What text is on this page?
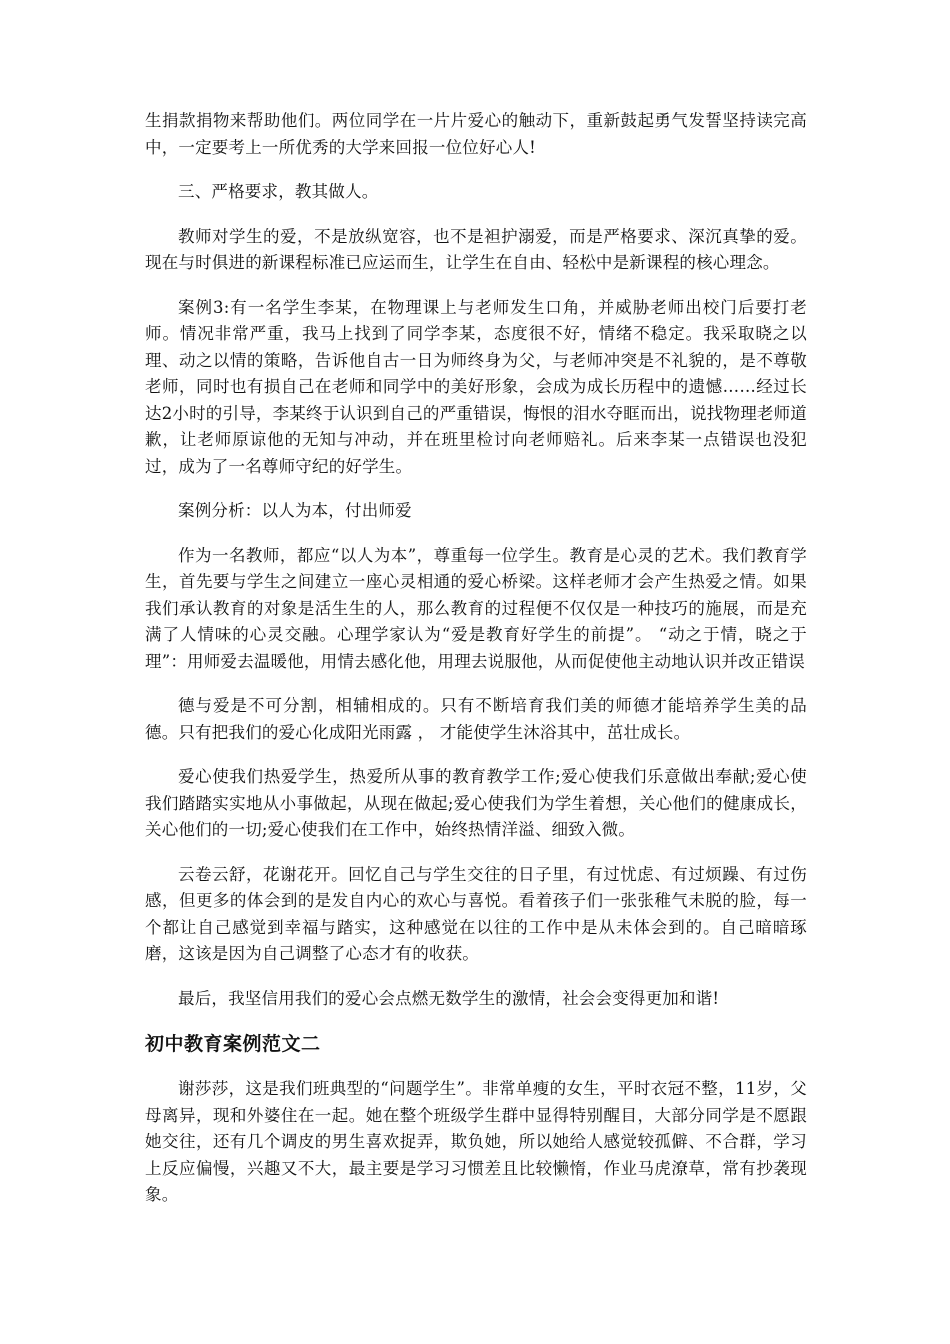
生捐款捐物来帮助他们。两位同学在一片片爱心的触动下，重新鼓起勇气发誓坚持读完高中，一定要考上一所优秀的大学来回报一位位好心人!

三、严格要求，教其做人。

教师对学生的爱，不是放纵宽容，也不是袒护溺爱，而是严格要求、深沉真挚的爱。现在与时俱进的新课程标准已应运而生，让学生在自由、轻松中是新课程的核心理念。

案例3:有一名学生李某，在物理课上与老师发生口角，并威胁老师出校门后要打老师。情况非常严重，我马上找到了同学李某，态度很不好，情绪不稳定。我采取晓之以理、动之以情的策略，告诉他自古一日为师终身为父，与老师冲突是不礼貌的，是不尊敬老师，同时也有损自己在老师和同学中的美好形象，会成为成长历程中的遗憾……经过长达2小时的引导，李某终于认识到自己的严重错误，悔恨的泪水夺眶而出，说找物理老师道歉，让老师原谅他的无知与冲动，并在班里检讨向老师赔礼。后来李某一点错误也没犯过，成为了一名尊师守纪的好学生。

案例分析：以人为本，付出师爱

作为一名教师，都应“以人为本”，尊重每一位学生。教育是心灵的艺术。我们教育学生，首先要与学生之间建立一座心灵相通的爱心桥梁。这样老师才会产生热爱之情。如果我们承认教育的对象是活生生的人，那么教育的过程便不仅仅是一种技巧的施展，而是充满了人情味的心灵交融。心理学家认为“爱是教育好学生的前提”。 “动之于情，晓之于理”：用师爱去温暖他，用情去感化他，用理去说服他，从而促使他主动地认识并改正错误

德与爱是不可分割，相辅相成的。只有不断培育我们美的师德才能培养学生美的品德。只有把我们的爱心化成阳光雨露 ， 才能使学生沐浴其中，茁壮成长。

爱心使我们热爱学生，热爱所从事的教育教学工作;爱心使我们乐意做出奉献;爱心使我们踏踏实实地从小事做起，从现在做起;爱心使我们为学生着想，关心他们的健康成长，关心他们的一切;爱心使我们在工作中，始终热情洋溢、细致入微。

云卷云舒，花谢花开。回忆自己与学生交往的日子里，有过忧虑、有过烦躁、有过伤感，但更多的体会到的是发自内心的欢心与喜悦。看着孩子们一张张稚气未脱的脸，每一个都让自己感觉到幸福与踏实，这种感觉在以往的工作中是从未体会到的。自己暗暗琢磨，这该是因为自己调整了心态才有的收获。

最后，我坚信用我们的爱心会点燃无数学生的激情，社会会变得更加和谐!

初中教育案例范文二

谢莎莎，这是我们班典型的“问题学生”。非常单瘦的女生，平时衣冠不整，11岁，父母离异，现和外婆住在一起。她在整个班级学生群中显得特别醒目，大部分同学是不愿跟她交往，还有几个调皮的男生喜欢捉弄，欺负她，所以她给人感觉较孤僻、不合群，学习上反应偏慢，兴趣又不大，最主要是学习习惯差且比较懒惰，作业马虎潦草，常有抄袭现象。
